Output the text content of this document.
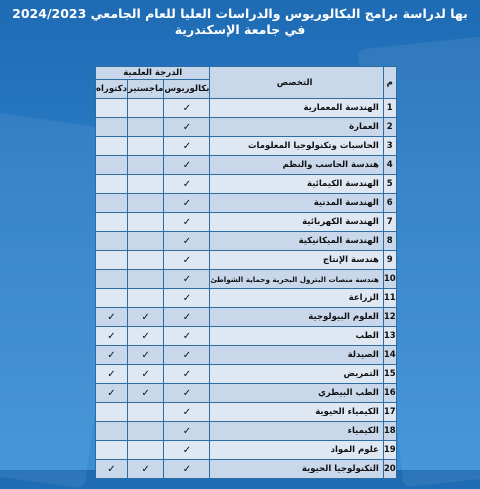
بها لدراسة برامج البكالوريوس والدراسات العليا للعام الجامعي 2024/2023
في جامعة الإسكندرية
م	التخصص	الدرجة العلمية		
		بكالوريوس	ماجستير	دكتوراه
1	الهندسة المعمارية	✓		
2	العمارة	✓		
3	الحاسبات وتكنولوجيا المعلومات	✓		
4	هندسة الحاسب والنظم	✓		
5	الهندسة الكيمائية	✓		
6	الهندسة المدنية	✓		
7	الهندسة الكهربائية	✓		
8	الهندسة الميكانيكية	✓		
9	هندسة الإنتاج	✓		
10	هندسة منصات البترول البحرية وحماية الشواطئ	✓		
11	الزراعة	✓		
12	العلوم البيولوجية	✓	✓	✓
13	الطب	✓	✓	✓
14	الصيدلة	✓	✓	✓
15	التمريض	✓	✓	✓
16	الطب البيطري	✓	✓	✓
17	الكيمياء الحيوية	✓		
18	الكيمياء	✓		
19	علوم المواد	✓		
20	التكنولوجيا الحيوية	✓	✓	✓
